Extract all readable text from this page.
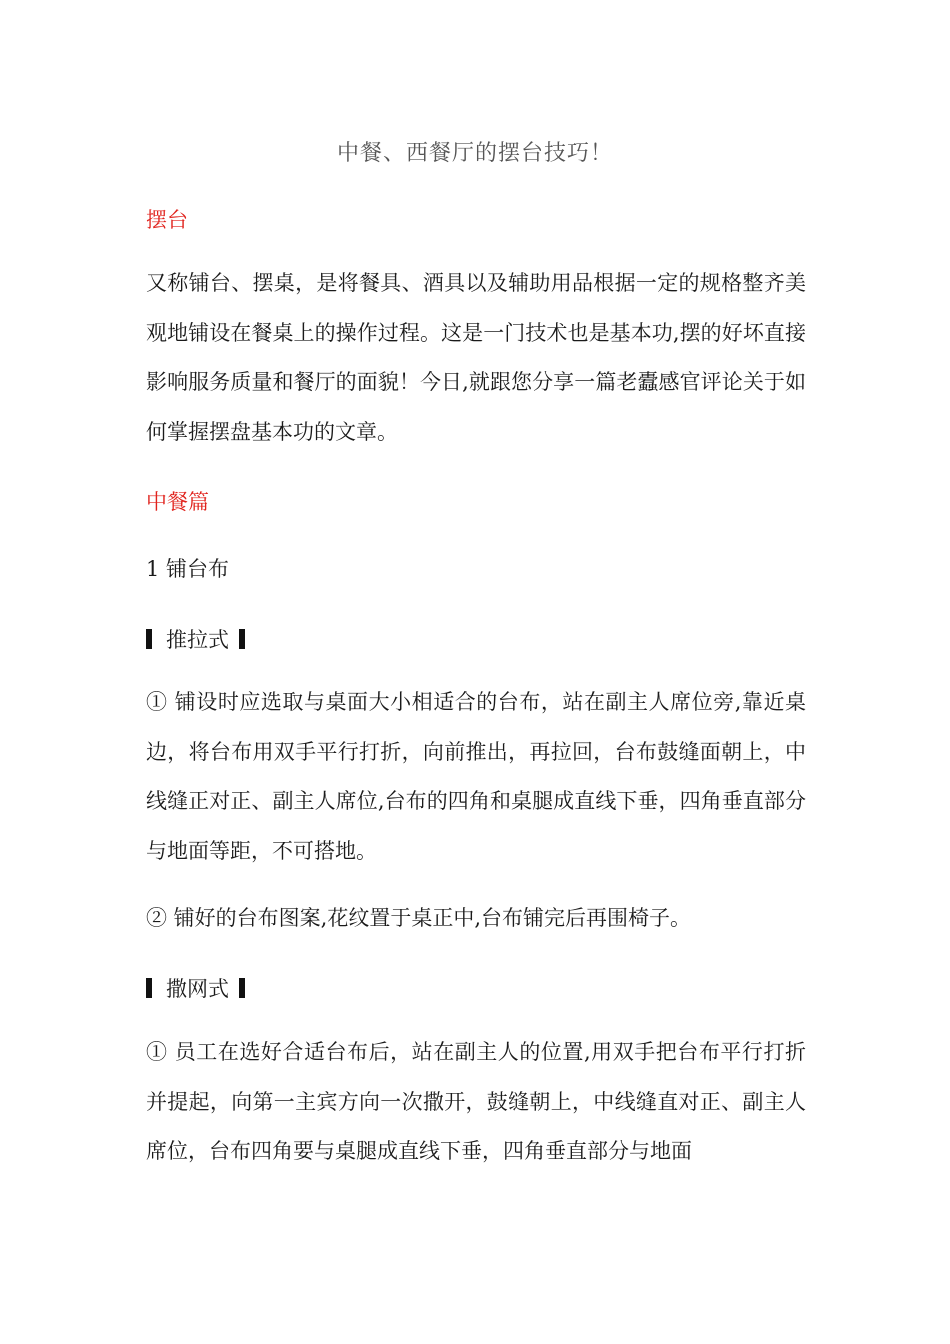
中餐、西餐厅的摆台技巧！
摆台
又称铺台、摆桌，是将餐具、酒具以及辅助用品根据一定的规格整齐美观地铺设在餐桌上的操作过程。这是一门技术也是基本功,摆的好坏直接影响服务质量和餐厅的面貌！今日,就跟您分享一篇老蠹感官评论关于如何掌握摆盘基本功的文章。
中餐篇
1 铺台布
推拉式
① 铺设时应选取与桌面大小相适合的台布，站在副主人席位旁,靠近桌边，将台布用双手平行打折，向前推出，再拉回，台布鼓缝面朝上，中线缝正对正、副主人席位,台布的四角和桌腿成直线下垂，四角垂直部分与地面等距，不可搭地。
② 铺好的台布图案,花纹置于桌正中,台布铺完后再围椅子。
撒网式
① 员工在选好合适台布后，站在副主人的位置,用双手把台布平行打折并提起，向第一主宾方向一次撒开，鼓缝朝上，中线缝直对正、副主人席位，台布四角要与桌腿成直线下垂，四角垂直部分与地面
